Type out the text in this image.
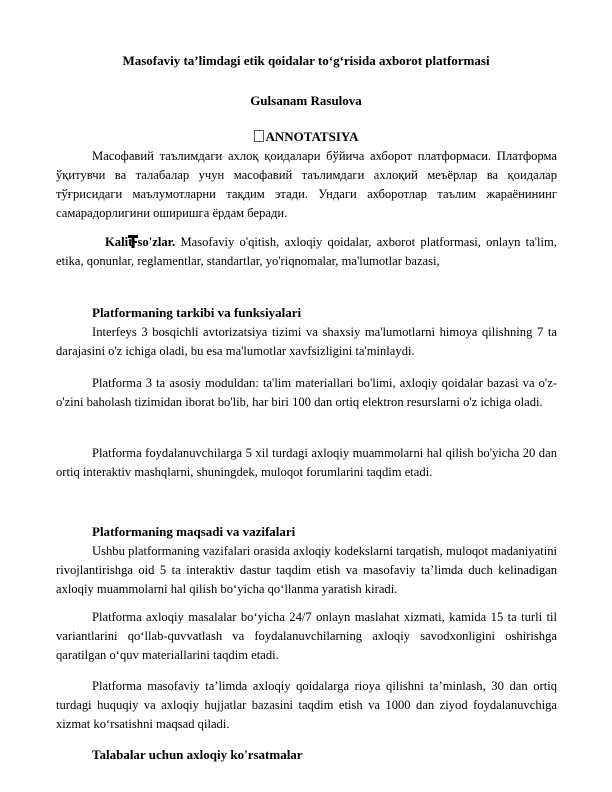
Masofaviy ta’limdagi etik qoidalar to‘g‘risida axborot platformasi

Gulsanam Rasulova

ANNOTATSIYA

Масофавий таълимдаги ахлоқ қоидалари бўйича ахборот платформаси. Платформа ўқитувчи ва талабалар учун масофавий таълимдаги ахлоқий меъёрлар ва қоидалар тўғрисидаги маълумотларни тақдим этади. Ундаги ахборотлар таълим жараёнининг самарадорлигини оширишга ёрдам беради.

Kalit so'zlar. Masofaviy o'qitish, axloqiy qoidalar, axborot platformasi, onlayn ta'lim, etika, qonunlar, reglamentlar, standartlar, yo'riqnomalar, ma'lumotlar bazasi,

Platformaning tarkibi va funksiyalari

Interfeys 3 bosqichli avtorizatsiya tizimi va shaxsiy ma'lumotlarni himoya qilishning 7 ta darajasini o'z ichiga oladi, bu esa ma'lumotlar xavfsizligini ta'minlaydi.

Platforma 3 ta asosiy moduldan: ta'lim materiallari bo'limi, axloqiy qoidalar bazasi va o'z-o'zini baholash tizimidan iborat bo'lib, har biri 100 dan ortiq elektron resurslarni o'z ichiga oladi.

Platforma foydalanuvchilarga 5 xil turdagi axloqiy muammolarni hal qilish bo'yicha 20 dan ortiq interaktiv mashqlarni, shuningdek, muloqot forumlarini taqdim etadi.

Platformaning maqsadi va vazifalari

Ushbu platformaning vazifalari orasida axloqiy kodekslarni tarqatish, muloqot madaniyatini rivojlantirishga oid 5 ta interaktiv dastur taqdim etish va masofaviy ta’limda duch kelinadigan axloqiy muammolarni hal qilish bo‘yicha qo‘llanma yaratish kiradi.

Platforma axloqiy masalalar bo‘yicha 24/7 onlayn maslahat xizmati, kamida 15 ta turli til variantlarini qo‘llab-quvvatlash va foydalanuvchilarning axloqiy savodxonligini oshirishga qaratilgan o‘quv materiallarini taqdim etadi.

Platforma masofaviy ta’limda axloqiy qoidalarga rioya qilishni ta’minlash, 30 dan ortiq turdagi huquqiy va axloqiy hujjatlar bazasini taqdim etish va 1000 dan ziyod foydalanuvchiga xizmat ko‘rsatishni maqsad qiladi.

Talabalar uchun axloqiy ko'rsatmalar
